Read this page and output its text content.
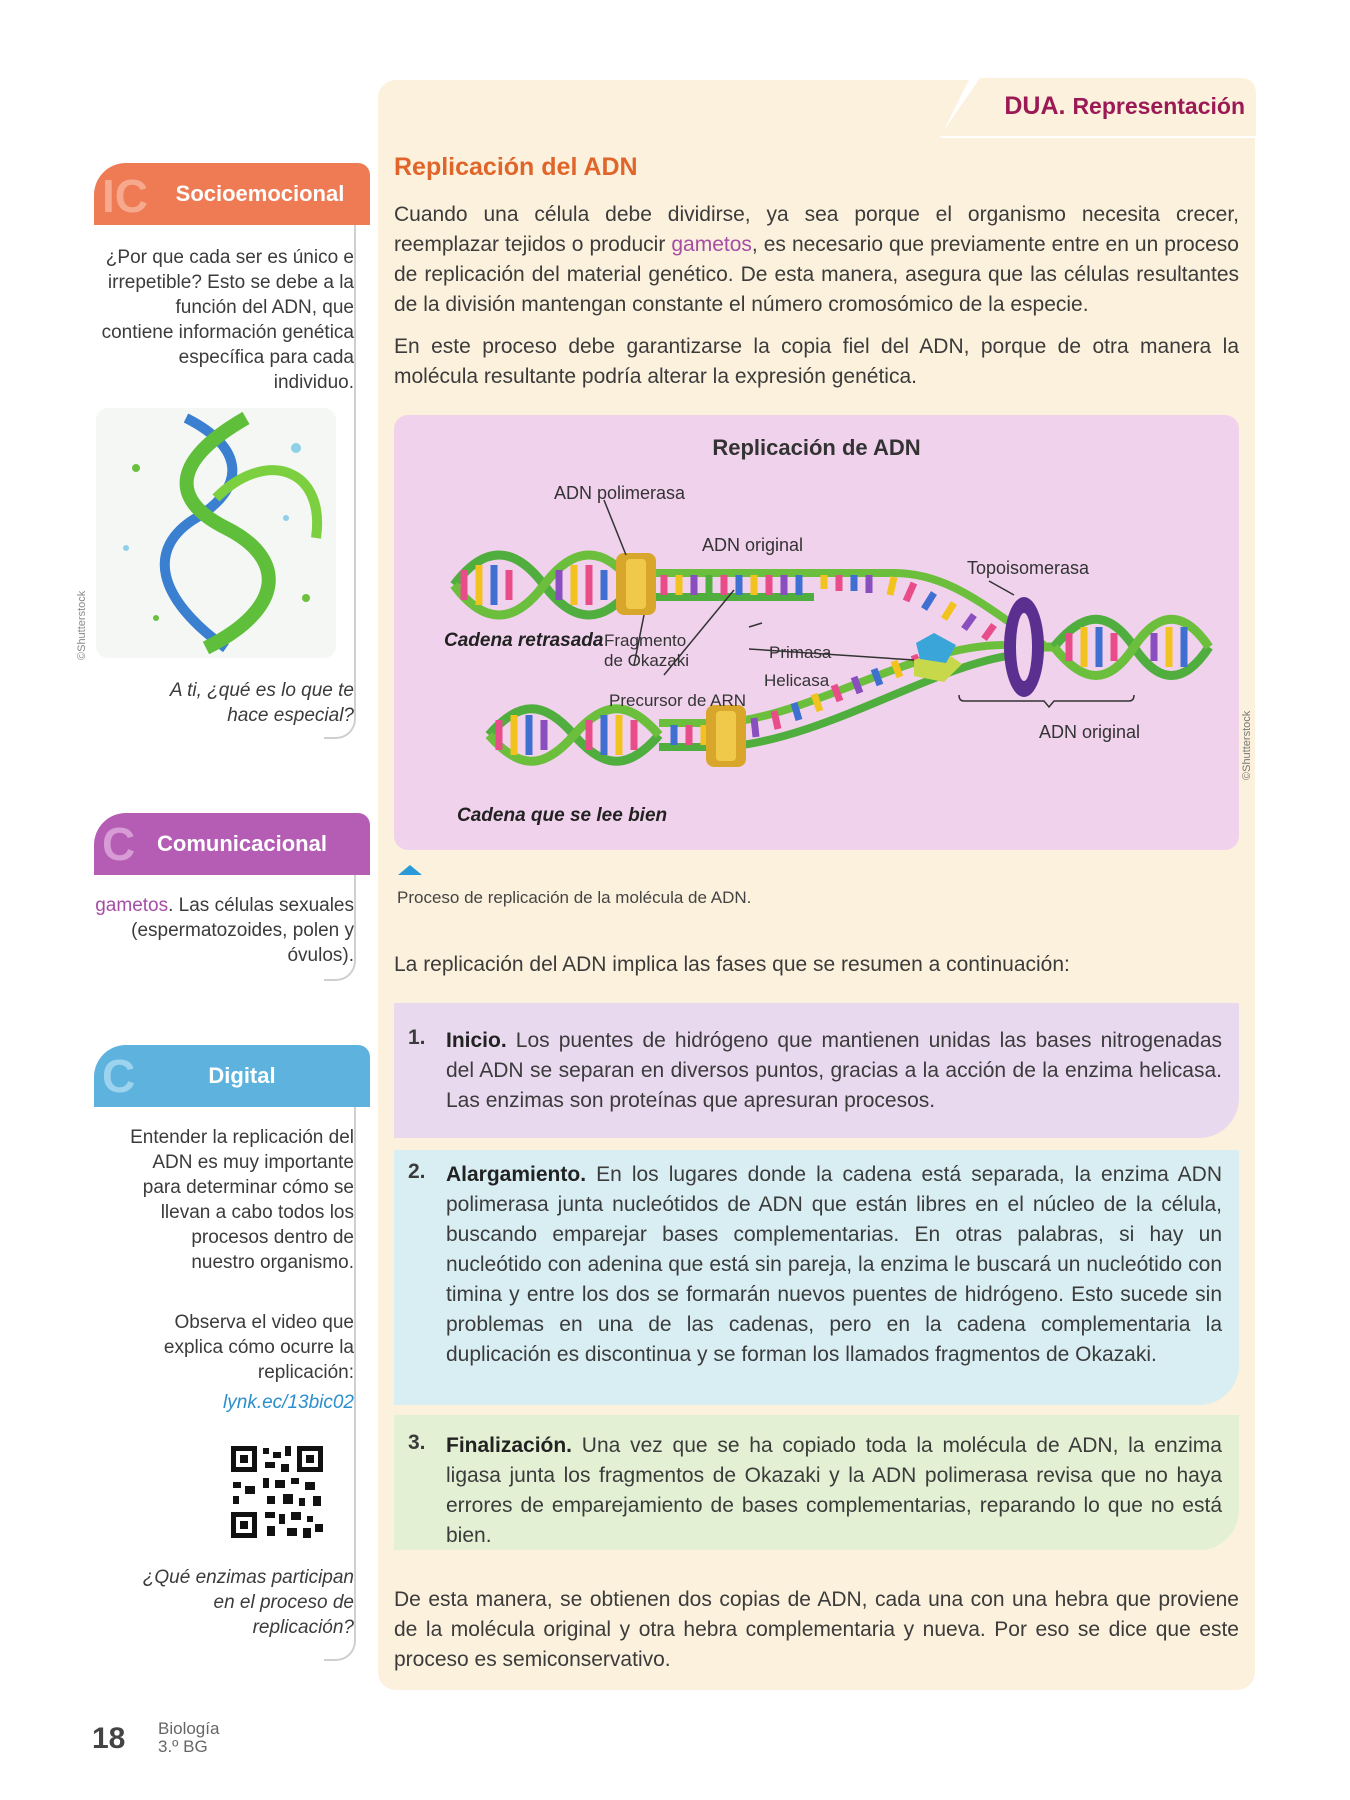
DUA. Representación
Replicación del ADN
Cuando una célula debe dividirse, ya sea porque el organismo necesita crecer, reemplazar tejidos o producir gametos, es necesario que previamente entre en un proceso de replicación del material genético. De esta manera, asegura que las células resultantes de la división mantengan constante el número cromosómico de la especie.
En este proceso debe garantizarse la copia fiel del ADN, porque de otra manera la molécula resultante podría alterar la expresión genética.
Replicación de ADN
ADN polimerasa
ADN original
Topoisomerasa
Cadena retrasada Fragmento
de Okazaki	Primasa
Helicasa
Precursor de ARN
ADN original
Cadena que se lee bien
©Shutterstock
Proceso de replicación de la molécula de ADN.
La replicación del ADN implica las fases que se resumen a continuación:
1. Inicio. Los puentes de hidrógeno que mantienen unidas las bases nitrogenadas del ADN se separan en diversos puntos, gracias a la acción de la enzima helicasa. Las enzimas son proteínas que apresuran procesos.
2. Alargamiento. En los lugares donde la cadena está separada, la enzima ADN polimerasa junta nucleótidos de ADN que están libres en el núcleo de la célula, buscando emparejar bases complementarias. En otras palabras, si hay un nucleótido con adenina que está sin pareja, la enzima le buscará un nucleótido con timina y entre los dos se formarán nuevos puentes de hidrógeno. Esto sucede sin problemas en una de las cadenas, pero en la cadena complementaria la duplicación es discontinua y se forman los llamados fragmentos de Okazaki.
3. Finalización. Una vez que se ha copiado toda la molécula de ADN, la enzima ligasa junta los fragmentos de Okazaki y la ADN polimerasa revisa que no haya errores de emparejamiento de bases complementarias, reparando lo que no está bien.
De esta manera, se obtienen dos copias de ADN, cada una con una hebra que proviene de la molécula original y otra hebra complementaria y nueva. Por eso se dice que este proceso es semiconservativo.
IC Socioemocional
¿Por que cada ser es único e irrepetible? Esto se debe a la función del ADN, que contiene información genética específica para cada individuo.
A ti, ¿qué es lo que te hace especial?
©Shutterstock
C Comunicacional
gametos. Las células sexuales (espermatozoides, polen y óvulos).
C	Digital
Entender la replicación del ADN es muy importante para determinar cómo se llevan a cabo todos los procesos dentro de nuestro organismo.
Observa el video que explica cómo ocurre la replicación:
lynk.ec/13bic02
¿Qué enzimas participan en el proceso de replicación?
18 Biología
3.º BG
